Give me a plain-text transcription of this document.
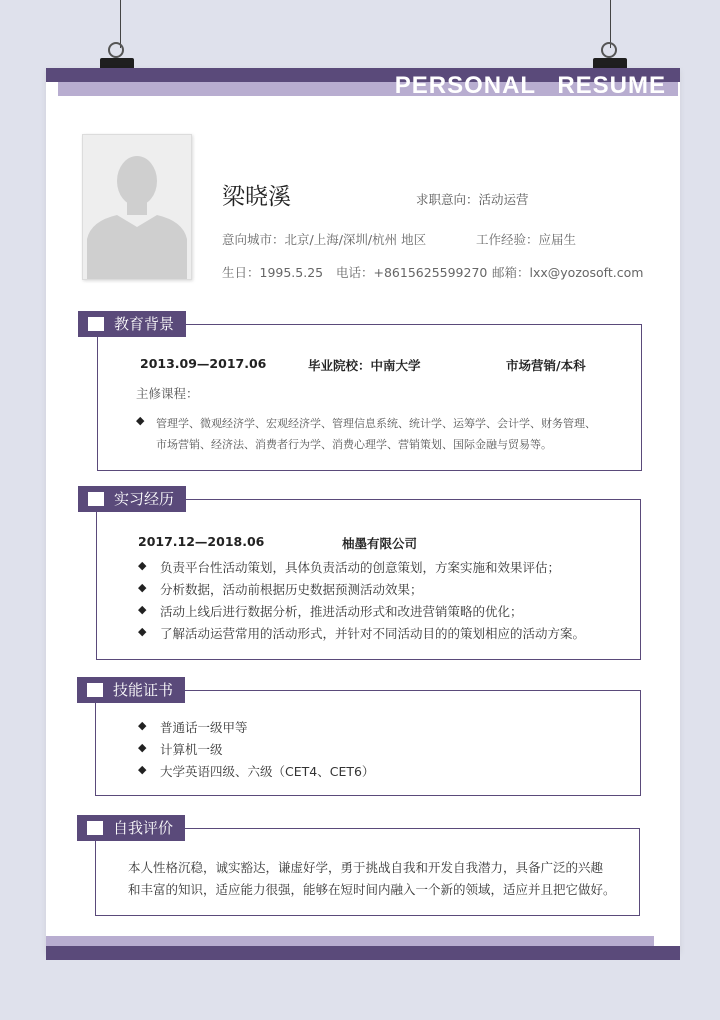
PERSONAL RESUME
梁晓溪	求职意向：活动运营
意向城市：北京/上海/深圳/杭州 地区	工作经验：应届生
生日：1995.5.25 电话：+8615625599270 邮箱：lxx@yozosoft.com
教育背景
2013.09—2017.06	毕业院校：中南大学	市场营销/本科
主修课程：
◆ 管理学、微观经济学、宏观经济学、管理信息系统、统计学、运筹学、会计学、财务管理、
市场营销、经济法、消费者行为学、消费心理学、营销策划、国际金融与贸易等。
实习经历
2017.12—2018.06	柚墨有限公司
◆ 负责平台性活动策划，具体负责活动的创意策划，方案实施和效果评估；
◆ 分析数据，活动前根据历史数据预测活动效果；
◆ 活动上线后进行数据分析，推进活动形式和改进营销策略的优化；
◆ 了解活动运营常用的活动形式，并针对不同活动目的的策划相应的活动方案。
技能证书
◆ 普通话一级甲等
◆ 计算机一级
◆ 大学英语四级、六级（CET4、CET6）
自我评价
本人性格沉稳，诚实豁达，谦虚好学，勇于挑战自我和开发自我潜力，具备广泛的兴趣
和丰富的知识，适应能力很强，能够在短时间内融入一个新的领域，适应并且把它做好。
